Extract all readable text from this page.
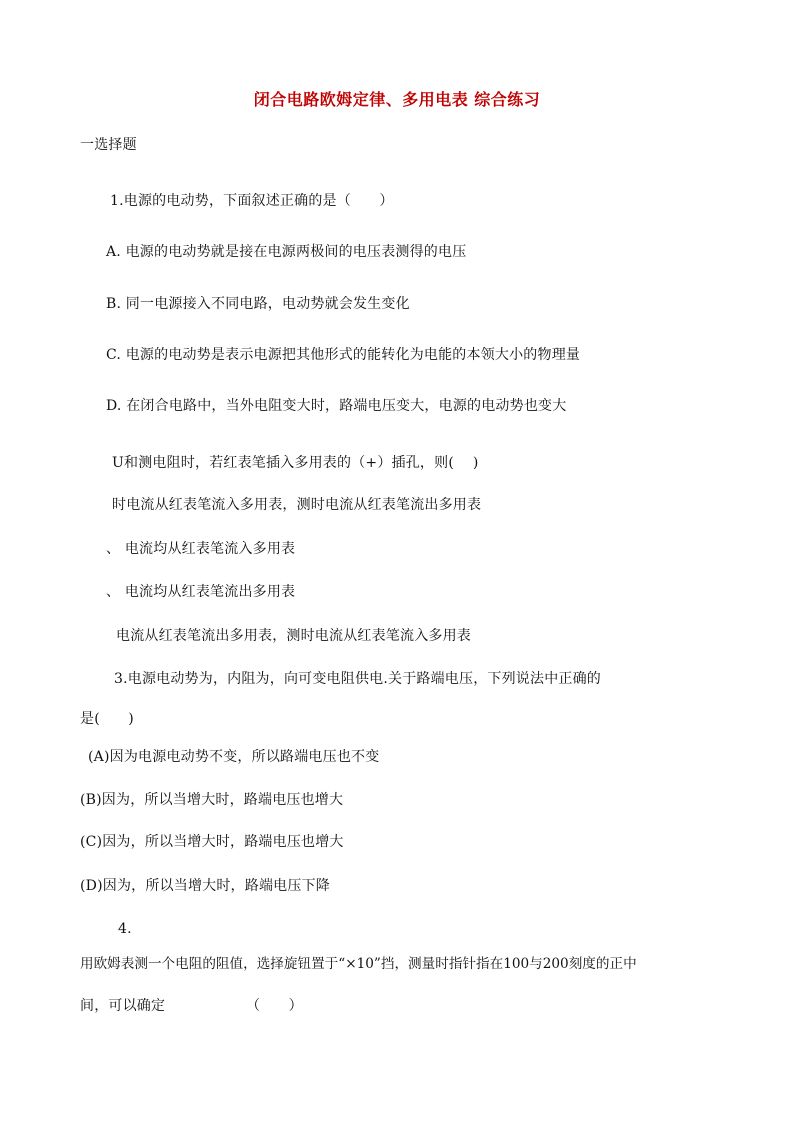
闭合电路欧姆定律、多用电表 综合练习
一选择题
1.电源的电动势，下面叙述正确的是（　　）
A. 电源的电动势就是接在电源两极间的电压表测得的电压
B. 同一电源接入不同电路，电动势就会发生变化
C. 电源的电动势是表示电源把其他形式的能转化为电能的本领大小的物理量
D. 在闭合电路中，当外电阻变大时，路端电压变大，电源的电动势也变大
U和测电阻时，若红表笔插入多用表的（+）插孔，则(　 )
时电流从红表笔流入多用表，测时电流从红表笔流出多用表
、 电流均从红表笔流入多用表
、 电流均从红表笔流出多用表
电流从红表笔流出多用表，测时电流从红表笔流入多用表
3.电源电动势为，内阻为，向可变电阻供电.关于路端电压，下列说法中正确的
是(　　)
(A)因为电源电动势不变，所以路端电压也不变
(B)因为，所以当增大时，路端电压也增大
(C)因为，所以当增大时，路端电压也增大
(D)因为，所以当增大时，路端电压下降
4.
用欧姆表测一个电阻的阻值，选择旋钮置于“×10”挡，测量时指针指在100与200刻度的正中
间，可以确定	（　　）
